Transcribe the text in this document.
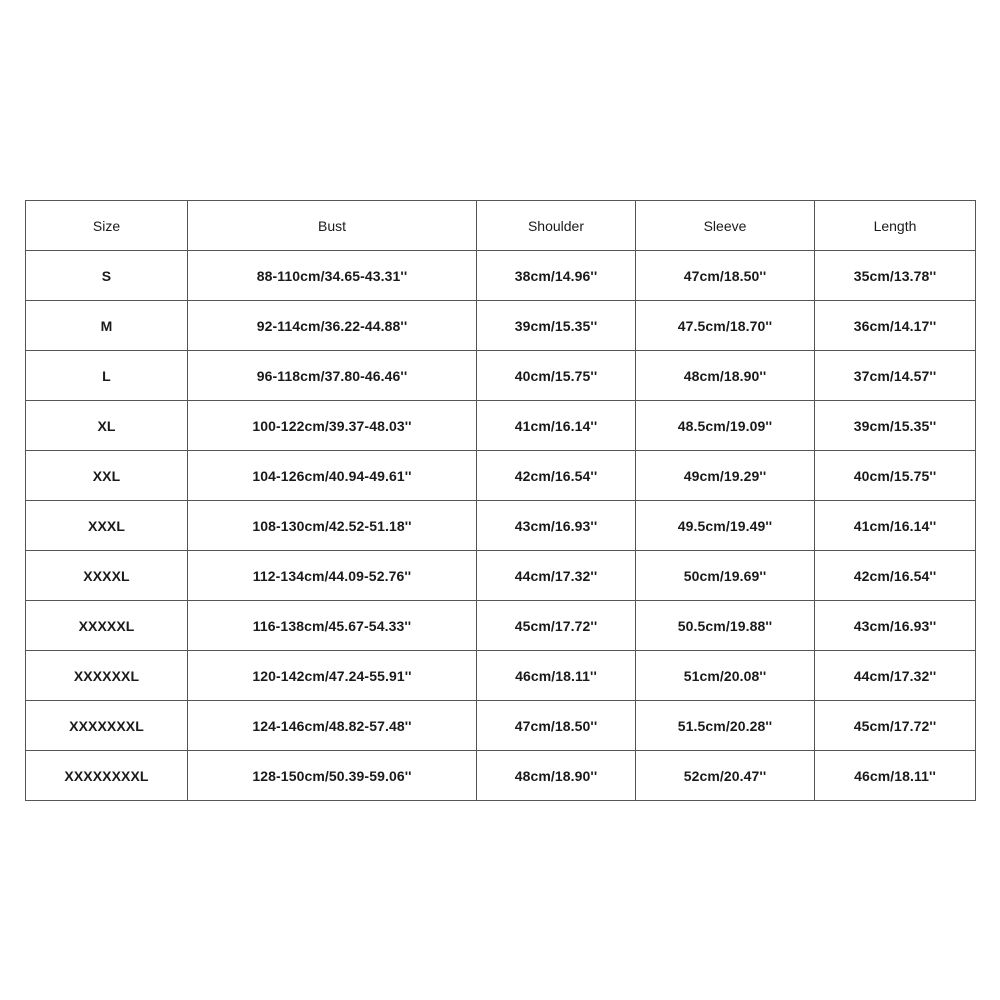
Size	Bust	Shoulder	Sleeve	Length
S	88-110cm/34.65-43.31''	38cm/14.96''	47cm/18.50''	35cm/13.78''
M	92-114cm/36.22-44.88''	39cm/15.35''	47.5cm/18.70''	36cm/14.17''
L	96-118cm/37.80-46.46''	40cm/15.75''	48cm/18.90''	37cm/14.57''
XL	100-122cm/39.37-48.03''	41cm/16.14''	48.5cm/19.09''	39cm/15.35''
XXL	104-126cm/40.94-49.61''	42cm/16.54''	49cm/19.29''	40cm/15.75''
XXXL	108-130cm/42.52-51.18''	43cm/16.93''	49.5cm/19.49''	41cm/16.14''
XXXXL	112-134cm/44.09-52.76''	44cm/17.32''	50cm/19.69''	42cm/16.54''
XXXXXL	116-138cm/45.67-54.33''	45cm/17.72''	50.5cm/19.88''	43cm/16.93''
XXXXXXL	120-142cm/47.24-55.91''	46cm/18.11''	51cm/20.08''	44cm/17.32''
XXXXXXXL	124-146cm/48.82-57.48''	47cm/18.50''	51.5cm/20.28''	45cm/17.72''
XXXXXXXXL	128-150cm/50.39-59.06''	48cm/18.90''	52cm/20.47''	46cm/18.11''
